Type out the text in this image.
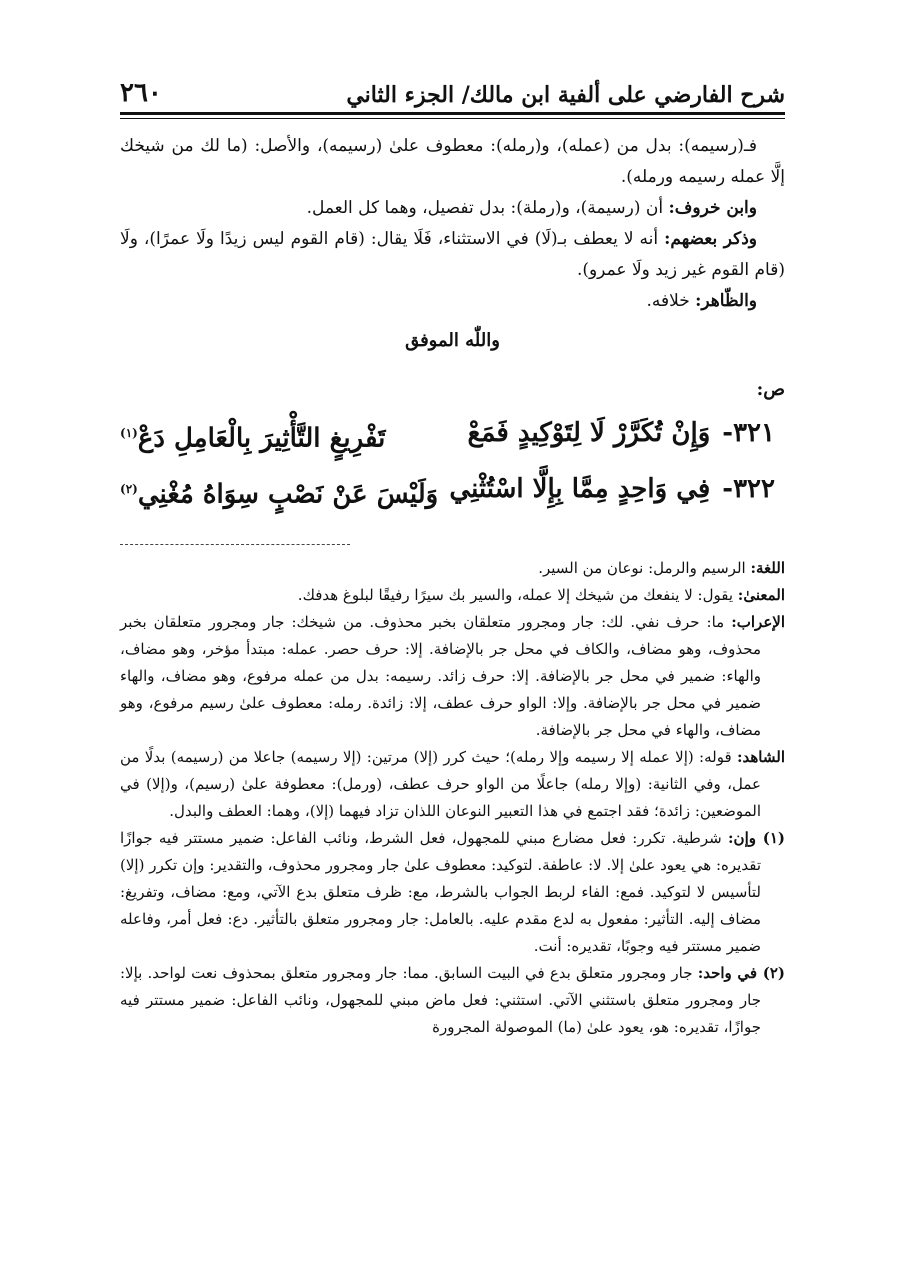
شرح الفارضي على ألفية ابن مالك/ الجزء الثاني
٢٦٠

فـ(رسيمه): بدل من (عمله)، و(رمله): معطوف علىٰ (رسيمه)، والأصل: (ما لك من شيخك إلَّا عمله رسيمه ورمله).

وابن خروف: أن (رسيمة)، و(رملة): بدل تفصيل، وهما كل العمل.

وذكر بعضهم: أنه لا يعطف بـ(لَا) في الاستثناء، فَلَا يقال: (قام القوم ليس زيدًا ولَا عمرًا)، ولَا (قام القوم غير زيد ولَا عمرو).

والظّاهر: خلافه.

واللّٰه الموفق
ص:
٣٢١-وَإِنْ تُكَرَّرْ لَا لِتَوْكِيدٍ فَمَعْ
تَفْرِيغٍ التَّأْثِيرَ بِالْعَامِلِ دَعْ$^{(١)}$
٣٢٢-فِي وَاحِدٍ مِمَّا بِإِلَّا اسْتُثْنِي
وَلَيْسَ عَنْ نَصْبٍ سِوَاهُ مُغْنِي$^{(٢)}$

اللغة: الرسيم والرمل: نوعان من السير.

المعنىٰ: يقول: لا ينفعك من شيخك إلا عمله، والسير بك سيرًا رفيقًا لبلوغ هدفك.

الإعراب: ما: حرف نفي. لك: جار ومجرور متعلقان بخبر محذوف. من شيخك: جار ومجرور متعلقان بخبر محذوف، وهو مضاف، والكاف في محل جر بالإضافة. إلا: حرف حصر. عمله: مبتدأ مؤخر، وهو مضاف، والهاء: ضمير في محل جر بالإضافة. إلا: حرف زائد. رسيمه: بدل من عمله مرفوع، وهو مضاف، والهاء ضمير في محل جر بالإضافة. وإلا: الواو حرف عطف، إلا: زائدة. رمله: معطوف علىٰ رسيم مرفوع، وهو مضاف، والهاء في محل جر بالإضافة.

الشاهد: قوله: (إلا عمله إلا رسيمه وإلا رمله)؛ حيث كرر (إلا) مرتين: (إلا رسيمه) جاعلا من (رسيمه) بدلًا من عمل، وفي الثانية: (وإلا رمله) جاعلًا من الواو حرف عطف، (ورمل): معطوفة علىٰ (رسيم)، و(إلا) في الموضعين: زائدة؛ فقد اجتمع في هذا التعبير النوعان اللذان تزاد فيهما (إلا)، وهما: العطف والبدل.

(١) وإن: شرطية. تكرر: فعل مضارع مبني للمجهول، فعل الشرط، ونائب الفاعل: ضمير مستتر فيه جوازًا تقديره: هي يعود علىٰ إلا. لا: عاطفة. لتوكيد: معطوف علىٰ جار ومجرور محذوف، والتقدير: وإن تكرر (إلا) لتأسيس لا لتوكيد. فمع: الفاء لربط الجواب بالشرط، مع: ظرف متعلق بدع الآتي، ومع: مضاف، وتفريغ: مضاف إليه. التأثير: مفعول به لدع مقدم عليه. بالعامل: جار ومجرور متعلق بالتأثير. دع: فعل أمر، وفاعله ضمير مستتر فيه وجوبًا، تقديره: أنت.

(٢) في واحد: جار ومجرور متعلق بدع في البيت السابق. مما: جار ومجرور متعلق بمحذوف نعت لواحد. بإلا: جار ومجرور متعلق باستثني الآتي. استثني: فعل ماض مبني للمجهول، ونائب الفاعل: ضمير مستتر فيه جوازًا، تقديره: هو، يعود علىٰ (ما) الموصولة المجرورة
